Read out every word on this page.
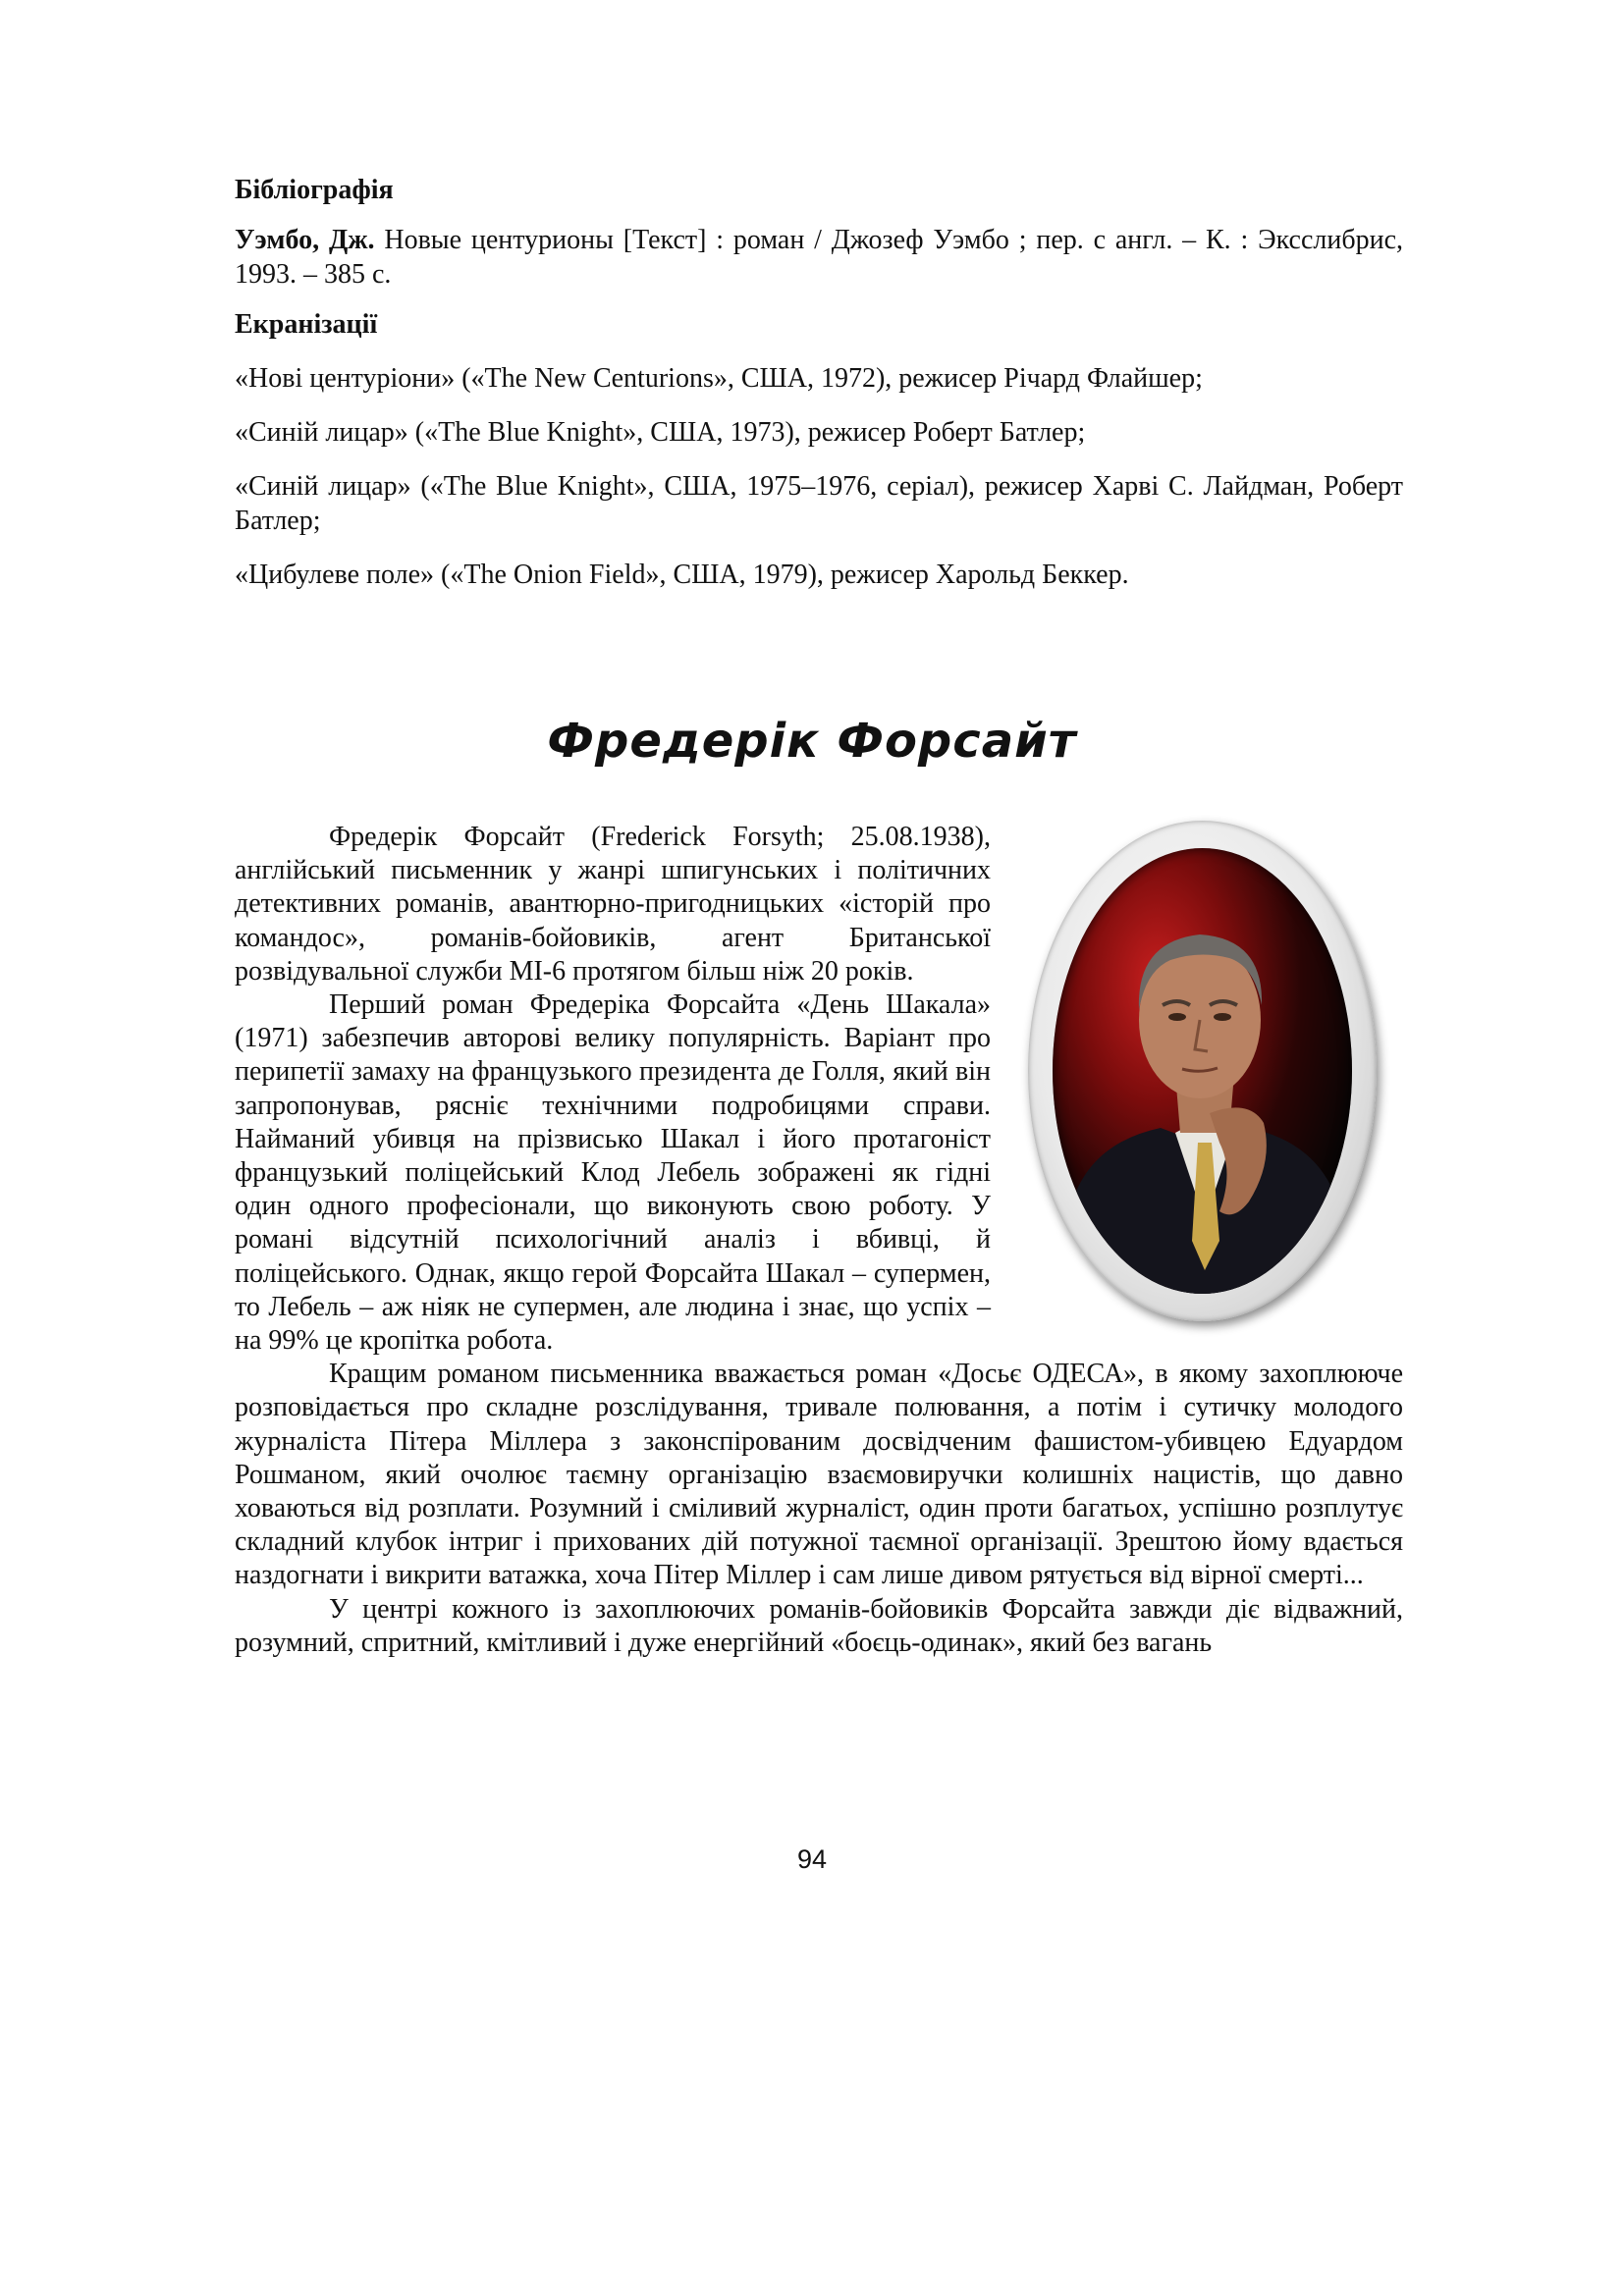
Бібліографія

Уэмбо, Дж. Новые центурионы [Текст] : роман / Джозеф Уэмбо ; пер. с англ. – К. : Эксслибрис, 1993. – 385 с.

Екранізації

«Нові центуріони» («The New Centurions», США, 1972), режисер Річард Флайшер;

«Синій лицар» («The Blue Knight», США, 1973), режисер Роберт Батлер;

«Синій лицар» («The Blue Knight», США, 1975–1976, серіал), режисер Харві С. Лайдман, Роберт Батлер;

«Цибулеве поле» («The Onion Field», США, 1979), режисер Харольд Беккер.

Фредерік Форсайт

Фредерік Форсайт (Frederick Forsyth; 25.08.1938), англійський письменник у жанрі шпигунських і політичних детективних романів, авантюрно-пригодницьких «історій про командос», романів-бойовиків, агент Британської розвідувальної служби МІ-6 протягом більш ніж 20 років.

Перший роман Фредеріка Форсайта «День Шакала» (1971) забезпечив авторові велику популярність. Варіант про перипетії замаху на французького президента де Голля, який він запропонував, рясніє технічними подробицями справи. Найманий убивця на прізвисько Шакал і його протагоніст французький поліцейський Клод Лебель зображені як гідні один одного професіонали, що виконують свою роботу. У романі відсутній психологічний аналіз і вбивці, й поліцейського. Однак, якщо герой Форсайта Шакал – супермен, то Лебель – аж ніяк не супермен, але людина і знає, що успіх – на 99% це кропітка робота.

Кращим романом письменника вважається роман «Досьє ОДЕСА», в якому захоплююче розповідається про складне розслідування, тривале полювання, а потім і сутичку молодого журналіста Пітера Міллера з законспірованим досвідченим фашистом-убивцею Едуардом Рошманом, який очолює таємну організацію взаємовиручки колишніх нацистів, що давно ховаються від розплати. Розумний і сміливий журналіст, один проти багатьох, успішно розплутує складний клубок інтриг і прихованих дій потужної таємної організації. Зрештою йому вдається наздогнати і викрити ватажка, хоча Пітер Міллер і сам лише дивом рятується від вірної смерті...

У центрі кожного із захоплюючих романів-бойовиків Форсайта завжди діє відважний, розумний, спритний, кмітливий і дуже енергійний «боєць-одинак», який без вагань

94
